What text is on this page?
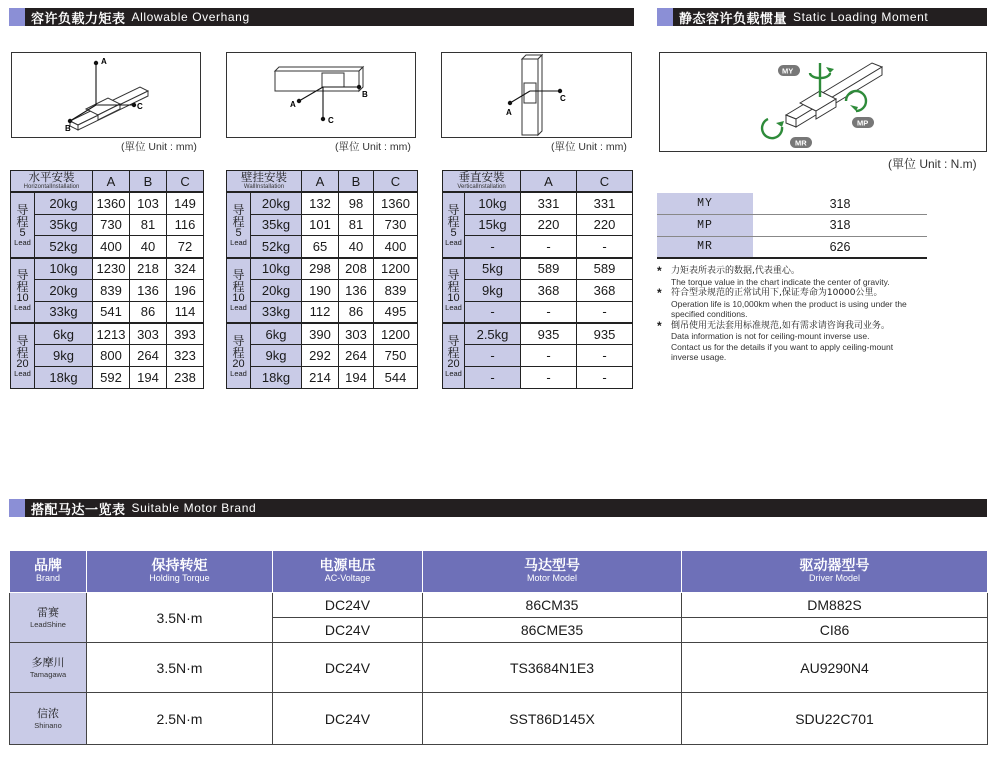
容许负载力矩表 Allowable Overhang	静态容许负载惯量 Static Loading Moment
搭配马达一览表 Suitable Motor Brand
A
C
B
(單位 Unit : mm)
C
B
A
(單位 Unit : mm)
C
A
(單位 Unit : mm)
MY
MP
MR
(單位 Unit : N.m)
水平安裝
HorizontalInstallation		A	B	C

导
程
5
Lead	20kg	1360	103	149
	35kg	730	81	116
	52kg	400	40	72

导
程
10
Lead	10kg	1230	218	324
	20kg	839	136	196
	33kg	541	86	114

导
程
20
Lead	6kg	1213	303	393
	9kg	800	264	323
	18kg	592	194	238
壁挂安裝
WallInstallation		A	B	C

导
程
5
Lead	20kg	132	98	1360
	35kg	101	81	730
	52kg	65	40	400

导
程
10
Lead	10kg	298	208	1200
	20kg	190	136	839
	33kg	112	86	495

导
程
20
Lead	6kg	390	303	1200
	9kg	292	264	750
	18kg	214	194	544
垂直安裝
VerticalInstallation		A	C

导
程
5
Lead	10kg	331	331
	15kg	220	220
	-	-	-

导
程
10
Lead	5kg	589	589
	9kg	368	368
	-	-	-

导
程
20
Lead	2.5kg	935	935
	-	-	-
	-	-	-
MY	318
MP	318
MR	626
*	力矩表所表示的数据,代表重心。
The torque value in the chart indicate the center of gravity.
*	符合型录规范的正常试用下,保证寿命为10000公里。
Operation life is 10,000km when the product is using under the
specified conditions.
*	倒吊使用无法套用标准规范,如有需求请咨询我司业务。
Data information is not for ceiling-mount inverse use.
Contact us for the details if you want to apply ceiling-mount
inverse usage.
品牌
Brand	保持转矩
Holding Torque	电源电压
AC-Voltage	马达型号
Motor Model	驱动器型号
Driver Model

雷赛
LeadShine	3.5N·m	DC24V	86CM35	DM882S
		DC24V	86CME35	CI86

多摩川
Tamagawa	3.5N·m	DC24V	TS3684N1E3	AU9290N4

信浓
Shinano	2.5N·m	DC24V	SST86D145X	SDU22C701
